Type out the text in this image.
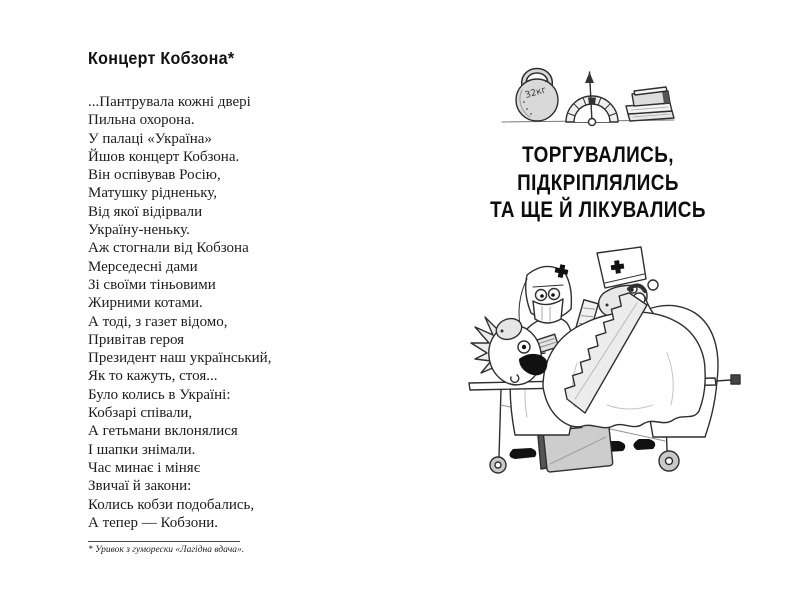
Концерт Кобзона*

...Пантрувала кожні двері

Пильна охорона.

У палаці «Україна»

Йшов концерт Кобзона.

Він оспівував Росію,

Матушку рідненьку,

Від якої відірвали

Україну-неньку.

Аж стогнали від Кобзона

Мерседесні дами

Зі своїми тіньовими

Жирними котами.

А тоді, з газет відомо,

Привітав героя

Президент наш український,

Як то кажуть, стоя...

Було колись в Україні:

Кобзарі співали,

А гетьмани вклонялися

І шапки знімали.

Час минає і міняє

Звичаї й закони:

Колись кобзи подобались,

А тепер — Кобзони.

* Уривок з гуморески «Лагідна вдача».

32кг
ТОРГУВАЛИСЬ,
ПІДКРІПЛЯЛИСЬ
ТА ЩЕ Й ЛІКУВАЛИСЬ
